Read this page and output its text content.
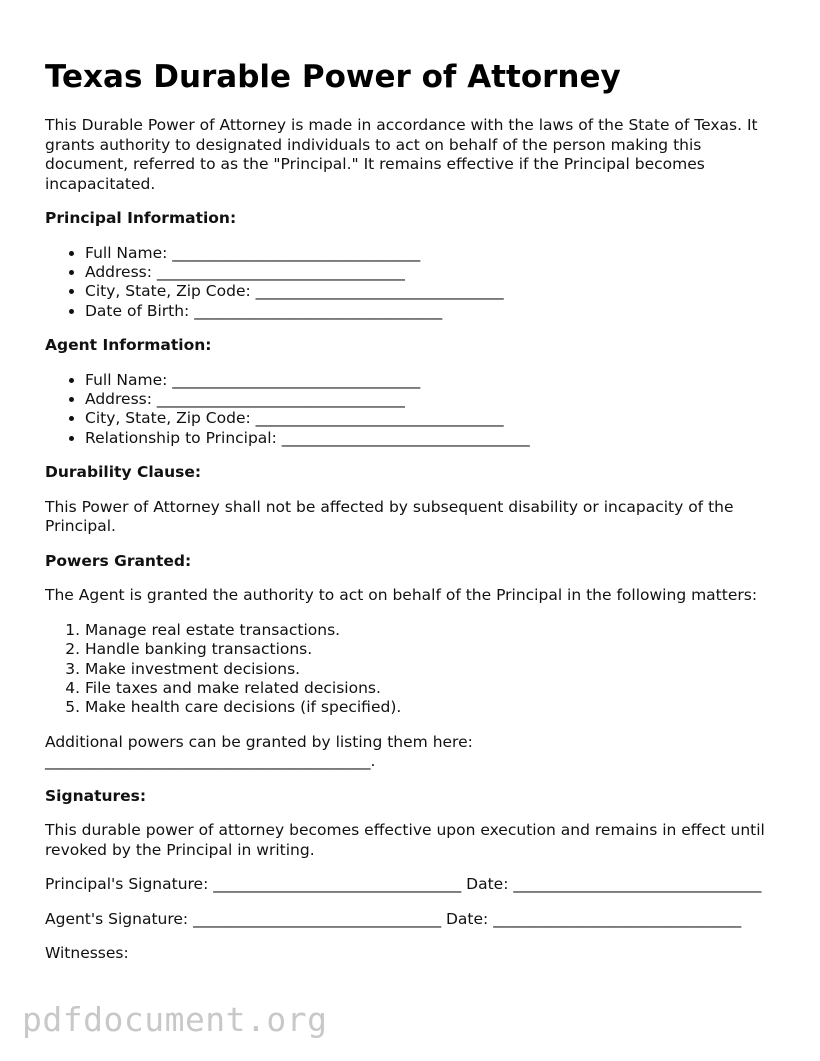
Texas Durable Power of Attorney

This Durable Power of Attorney is made in accordance with the laws of the State of Texas. It grants authority to designated individuals to act on behalf of the person making this document, referred to as the "Principal." It remains effective if the Principal becomes incapacitated.

Principal Information:
• Full Name: ________________________________
• Address: ________________________________
• City, State, Zip Code: ________________________________
• Date of Birth: ________________________________
Agent Information:
• Full Name: ________________________________
• Address: ________________________________
• City, State, Zip Code: ________________________________
• Relationship to Principal: ________________________________
Durability Clause:

This Power of Attorney shall not be affected by subsequent disability or incapacity of the Principal.

Powers Granted:

The Agent is granted the authority to act on behalf of the Principal in the following matters:

1. Manage real estate transactions.
2. Handle banking transactions.
3. Make investment decisions.
4. File taxes and make related decisions.
5. Make health care decisions (if specified).

Additional powers can be granted by listing them here: __________________________________________.

Signatures:

This durable power of attorney becomes effective upon execution and remains in effect until revoked by the Principal in writing.

Principal's Signature: ________________________________ Date: ________________________________

Agent's Signature: ________________________________ Date: ________________________________

Witnesses:

pdfdocument.org
